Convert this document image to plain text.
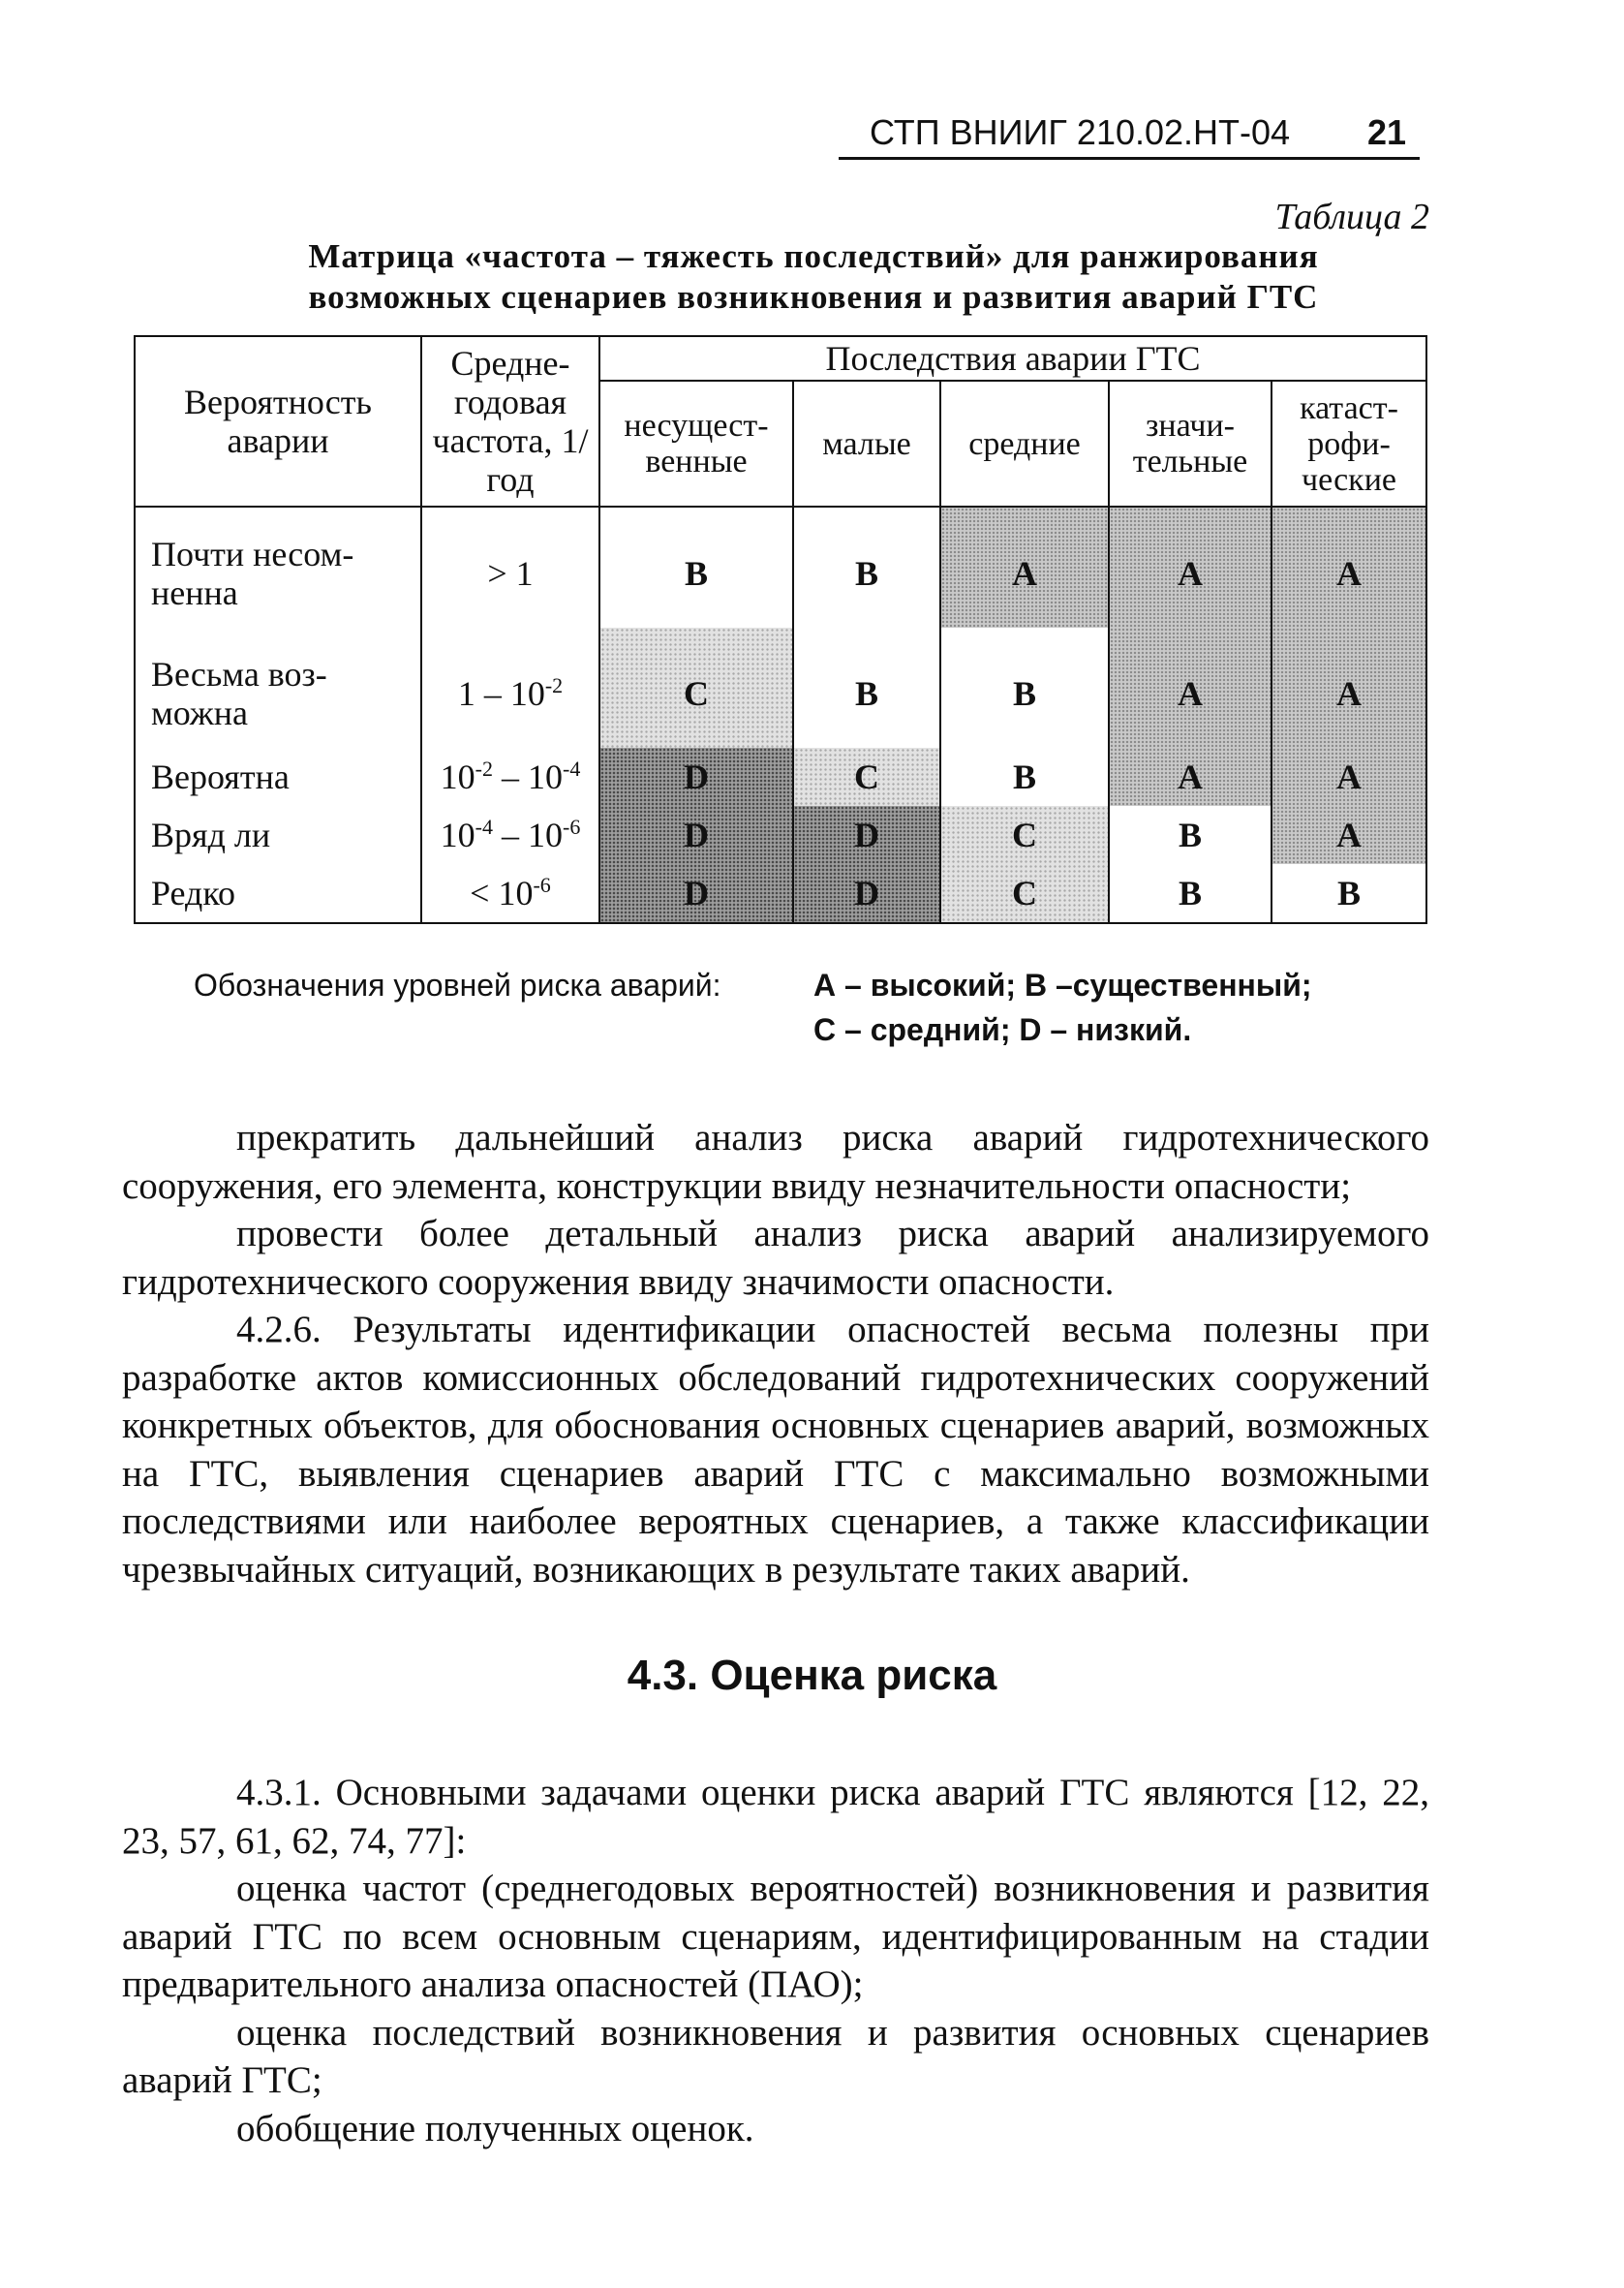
СТП ВНИИГ 210.02.НТ-04 21
Таблица 2
Матрица «частота – тяжесть последствий» для ранжирования
возможных сценариев возникновения и развития аварий ГТС
Вероятность аварии	Средне-годовая частота, 1/год	Последствия аварии ГТС				
		несущест-венные	малые	средние	значи-тельные	катаст-рофи-ческие
Почти несом-ненна	> 1	B	B	A	A	A
Весьма воз-можна	$1 - 10^{-2}$	C	B	B	A	A
Вероятна	$10^{-2} - 10^{-4}$	D	C	B	A	A
Вряд ли	$10^{-4} - 10^{-6}$	D	D	C	B	A
Редко	< $10^{-6}$	D	D	C	B	B
Обозначения уровней риска аварий:	А – высокий; В –существенный;
С – средний; D – низкий.

прекратить дальнейший анализ риска аварий гидротехнического сооружения, его элемента, конструкции ввиду незначительности опасности;

провести более детальный анализ риска аварий анализируемого гидротехнического сооружения ввиду значимости опасности.

4.2.6. Результаты идентификации опасностей весьма полезны при разработке актов комиссионных обследований гидротехнических сооружений конкретных объектов, для обоснования основных сценариев аварий, возможных на ГТС, выявления сценариев аварий ГТС с максимально возможными последствиями или наиболее вероятных сценариев, а также классификации чрезвычайных ситуаций, возникающих в результате таких аварий.

4.3. Оценка риска

4.3.1. Основными задачами оценки риска аварий ГТС являются [12, 22, 23, 57, 61, 62, 74, 77]:

оценка частот (среднегодовых вероятностей) возникновения и развития аварий ГТС по всем основным сценариям, идентифицированным на стадии предварительного анализа опасностей (ПАО);

оценка последствий возникновения и развития основных сценариев аварий ГТС;

обобщение полученных оценок.
